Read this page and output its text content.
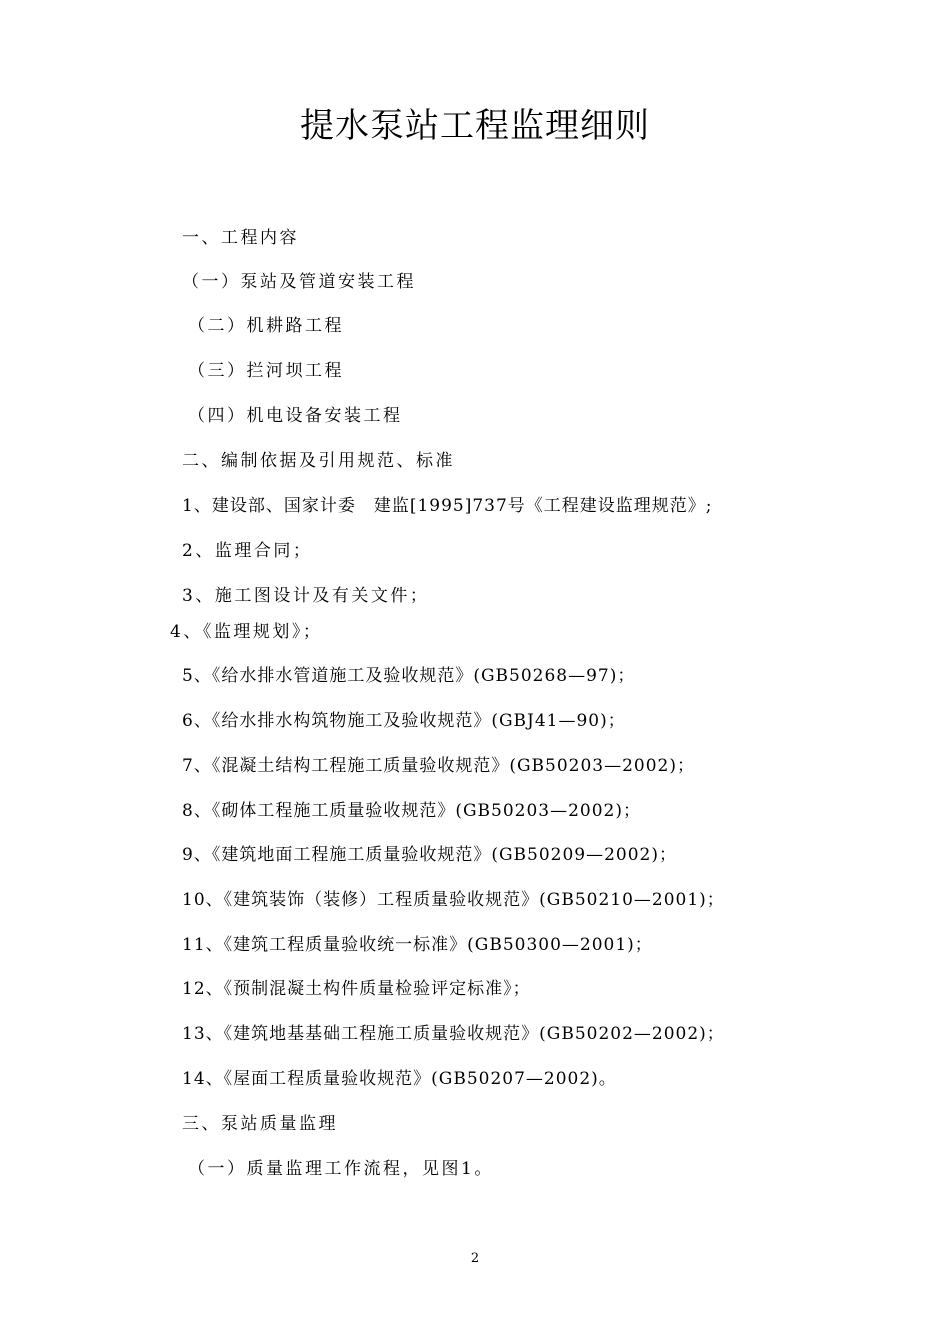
提水泵站工程监理细则
一、工程内容
（一）泵站及管道安装工程
（二）机耕路工程
（三）拦河坝工程
（四）机电设备安装工程
二、编制依据及引用规范、标准
1、建设部、国家计委　建监[1995]737号《工程建设监理规范》;
2、监理合同；
3、施工图设计及有关文件；
4、《监理规划》；
5、《给水排水管道施工及验收规范》(GB50268—97)；
6、《给水排水构筑物施工及验收规范》(GBJ41—90)；
7、《混凝土结构工程施工质量验收规范》(GB50203—2002)；
8、《砌体工程施工质量验收规范》(GB50203—2002)；
9、《建筑地面工程施工质量验收规范》(GB50209—2002)；
10、《建筑装饰（装修）工程质量验收规范》(GB50210—2001)；
11、《建筑工程质量验收统一标准》(GB50300—2001)；
12、《预制混凝土构件质量检验评定标准》；
13、《建筑地基基础工程施工质量验收规范》(GB50202—2002)；
14、《屋面工程质量验收规范》(GB50207—2002)。
三、泵站质量监理
（一）质量监理工作流程，见图1。
2
